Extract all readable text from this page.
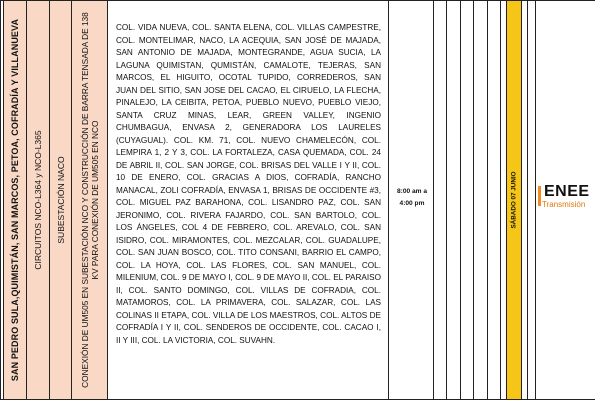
SAN PEDRO SULA,QUIMISTÁN, SAN MARCOS, PETOA, COFRADÍA Y VILLANUEVA CIRCUITOS NCO-L364 y NCO-L365 SUBESTACIÓN NACO CONEXIÓN DE UM505 EN SUBESTACIÓN NCO Y CONSTRUCCIÓN DE BARRA TENSADA DE 138 KV PARA CONEXIÓN DE UM505 EN NCO
COL. VIDA NUEVA, COL. SANTA ELENA, COL. VILLAS CAMPESTRE, COL. MONTELIMAR, NACO, LA ACEQUIA, SAN JOSÉ DE MAJADA, SAN ANTONIO DE MAJADA, MONTEGRANDE, AGUA SUCIA, LA LAGUNA QUIMISTAN, QUMISTÁN, CAMALOTE, TEJERAS, SAN MARCOS, EL HIGUITO, OCOTAL TUPIDO, CORREDEROS, SAN JUAN DEL SITIO, SAN JOSE DEL CACAO, EL CIRUELO, LA FLECHA, PINALEJO, LA CEIBITA, PETOA, PUEBLO NUEVO, PUEBLO VIEJO, SANTA CRUZ MINAS, LEAR, GREEN VALLEY, INGENIO CHUMBAGUA, ENVASA 2, GENERADORA LOS LAURELES (CUYAGUAL). COL. KM. 71, COL. NUEVO CHAMELECÓN, COL. LEMPIRA 1, 2 Y 3, COL. LA FORTALEZA, CASA QUEMADA, COL. 24 DE ABRIL II, COL. SAN JORGE, COL. BRISAS DEL VALLE I Y II, COL. 10 DE ENERO, COL. GRACIAS A DIOS, COFRADÍA, RANCHO MANACAL, ZOLI COFRADÍA, ENVASA 1, BRISAS DE OCCIDENTE #3, COL. MIGUEL PAZ BARAHONA, COL. LISANDRO PAZ, COL. SAN JERONIMO, COL. RIVERA FAJARDO, COL. SAN BARTOLO, COL. LOS ÁNGELES, COL 4 DE FEBRERO, COL. AREVALO, COL. SAN ISIDRO, COL. MIRAMONTES, COL. MEZCALAR, COL. GUADALUPE, COL. SAN JUAN BOSCO, COL. TITO CONSANI, BARRIO EL CAMPO, COL. LA HOYA, COL. LAS FLORES, COL. SAN MANUEL, COL. MILENIUM, COL. 9 DE MAYO I, COL. 9 DE MAYO II, COL. EL PARAISO II, COL. SANTO DOMINGO, COL. VILLAS DE COFRADIA, COL. MATAMOROS, COL. LA PRIMAVERA, COL. SALAZAR, COL. LAS COLINAS II ETAPA, COL. VILLA DE LOS MAESTROS, COL. ALTOS DE COFRADÍA I Y II, COL. SENDEROS DE OCCIDENTE, COL. CACAO I, II Y III, COL. LA VICTORIA, COL. SUVAHN.
8:00 am a
4:00 pm	SÁBADO 07 JUNIO ENEE
Transmisión
